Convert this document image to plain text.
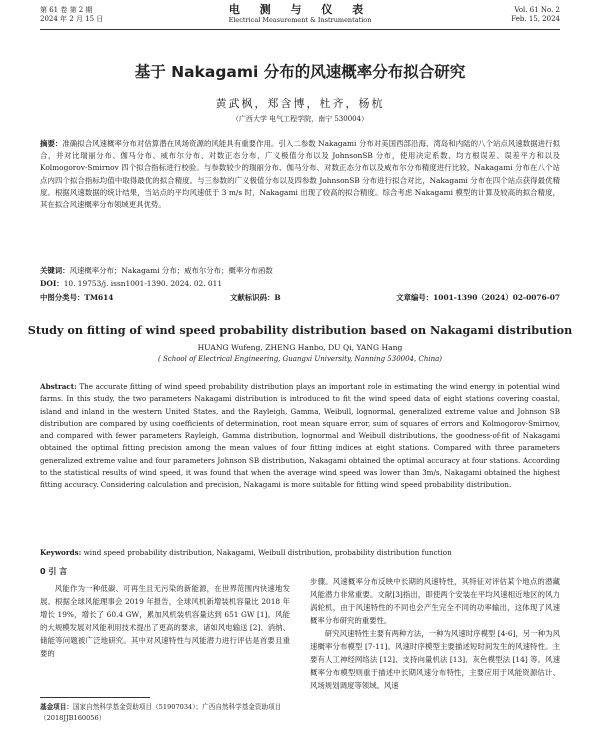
第 61 卷 第 2 期
2024 年 2 月 15 日
电 测 与 仪 表
Electrical Measurement & Instrumentation
Vol. 61 No. 2
Feb. 15, 2024
基于 Nakagami 分布的风速概率分布拟合研究
黄武枫，郑含博，杜齐，杨杭
（广西大学 电气工程学院，南宁 530004）
摘要：准确拟合风速概率分布对估算潜在风场资源的风能具有重要作用。引入二参数 Nakagami 分布对美国西部沿海、湾岛和内陆的八个站点风速数据进行拟合，并对比瑞丽分布、伽马分布、威布尔分布、对数正态分布、广义极值分布以及 JohnsonSB 分布，使用决定系数、均方根误差、误差平方和以及 Kolmogorov-Smirnov 四个拟合指标进行校验。与参数较少的瑞丽分布、伽马分布、对数正态分布以及威布尔分布精度进行比较，Nakagami 分布在八个站点内四个拟合指标均值中取得最优的拟合精度。与三参数的广义极值分布以及四参数 JohnsonSB 分布进行拟合对比，Nakagami 分布在四个站点获得最优精度。根据风速数据的统计结果，当站点的平均风速低于 3 m/s 时，Nakagami 出现了较高的拟合精度。综合考虑 Nakagami 模型的计算及较高的拟合精度，其在拟合风速概率分布领域更具优势。
关键词：风速概率分布；Nakagami 分布；威布尔分布；概率分布函数
DOI：10. 19753/j. issn1001-1390. 2024. 02. 011
中图分类号：TM614	文献标识码：B	文章编号：1001-1390（2024）02-0076-07
Study on fitting of wind speed probability distribution based on Nakagami distribution
HUANG Wufeng, ZHENG Hanbo, DU Qi, YANG Hang
( School of Electrical Engineering, Guangxi University, Nanning 530004, China)
Abstract: The accurate fitting of wind speed probability distribution plays an important role in estimating the wind energy in potential wind farms. In this study, the two parameters Nakagami distribution is introduced to fit the wind speed data of eight stations covering coastal, island and inland in the western United States, and the Rayleigh, Gamma, Weibull, lognormal, generalized extreme value and Johnson SB distribution are compared by using coefficients of determination, root mean square error, sum of squares of errors and Kolmogorov-Smirnov, and compared with fewer parameters Rayleigh, Gamma distribution, lognormal and Weibull distributions, the goodness-of-fit of Nakagami obtained the optimal fitting precision among the mean values of four fitting indices at eight stations. Compared with three parameters generalized extreme value and four parameters Johnson SB distribution, Nakagami obtained the optimal accuracy at four stations. According to the statistical results of wind speed, it was found that when the average wind speed was lower than 3m/s, Nakagami obtained the highest fitting accuracy. Considering calculation and precision, Nakagami is more suitable for fitting wind speed probability distribution.
Keywords: wind speed probability distribution, Nakagami, Weibull distribution, probability distribution function
0 引 言
风能作为一种低碳、可再生且无污染的新能源，在世界范围内快速地发展。根据全球风能理事会 2019 年报告，全球风机新增装机容量比 2018 年增长 19%，增长了 60.4 GW，累加风机装机容量达到 651 GW [1]。风能的大规模发展对风能利用技术提出了更高的要求，诸如风电输送 [2]、消纳、储能等问题被广泛地研究。其中对风速特性与风能潜力进行评估是首要且重要的

步骤。风速概率分布反映中长期的风速特性，其特征对评估某个地点的潜藏风能潜力非常重要。文献[3]指出，即使两个安装在平均风速相近地区的风力涡轮机，由于风速特性的不同也会产生完全不同的功率输出，这体现了风速概率分布研究的重要性。

研究风速特性主要有两种方法，一种为风速时序模型 [4-6]，另一种为风速概率分布模型 [7-11]。风速时序模型主要描述短时间发生的风速特性。主要有人工神经网络法 [12]、支持向量机法 [13]、灰色模型法 [14] 等。风速概率分布模型则重于描述中长期风速分布特性，主要应用于风能资源估计、风场规划调度等领域。风速

基金项目：国家自然科学基金资助项目（51907034）；广西自然科学基金资助项目（2018JJB160056）
